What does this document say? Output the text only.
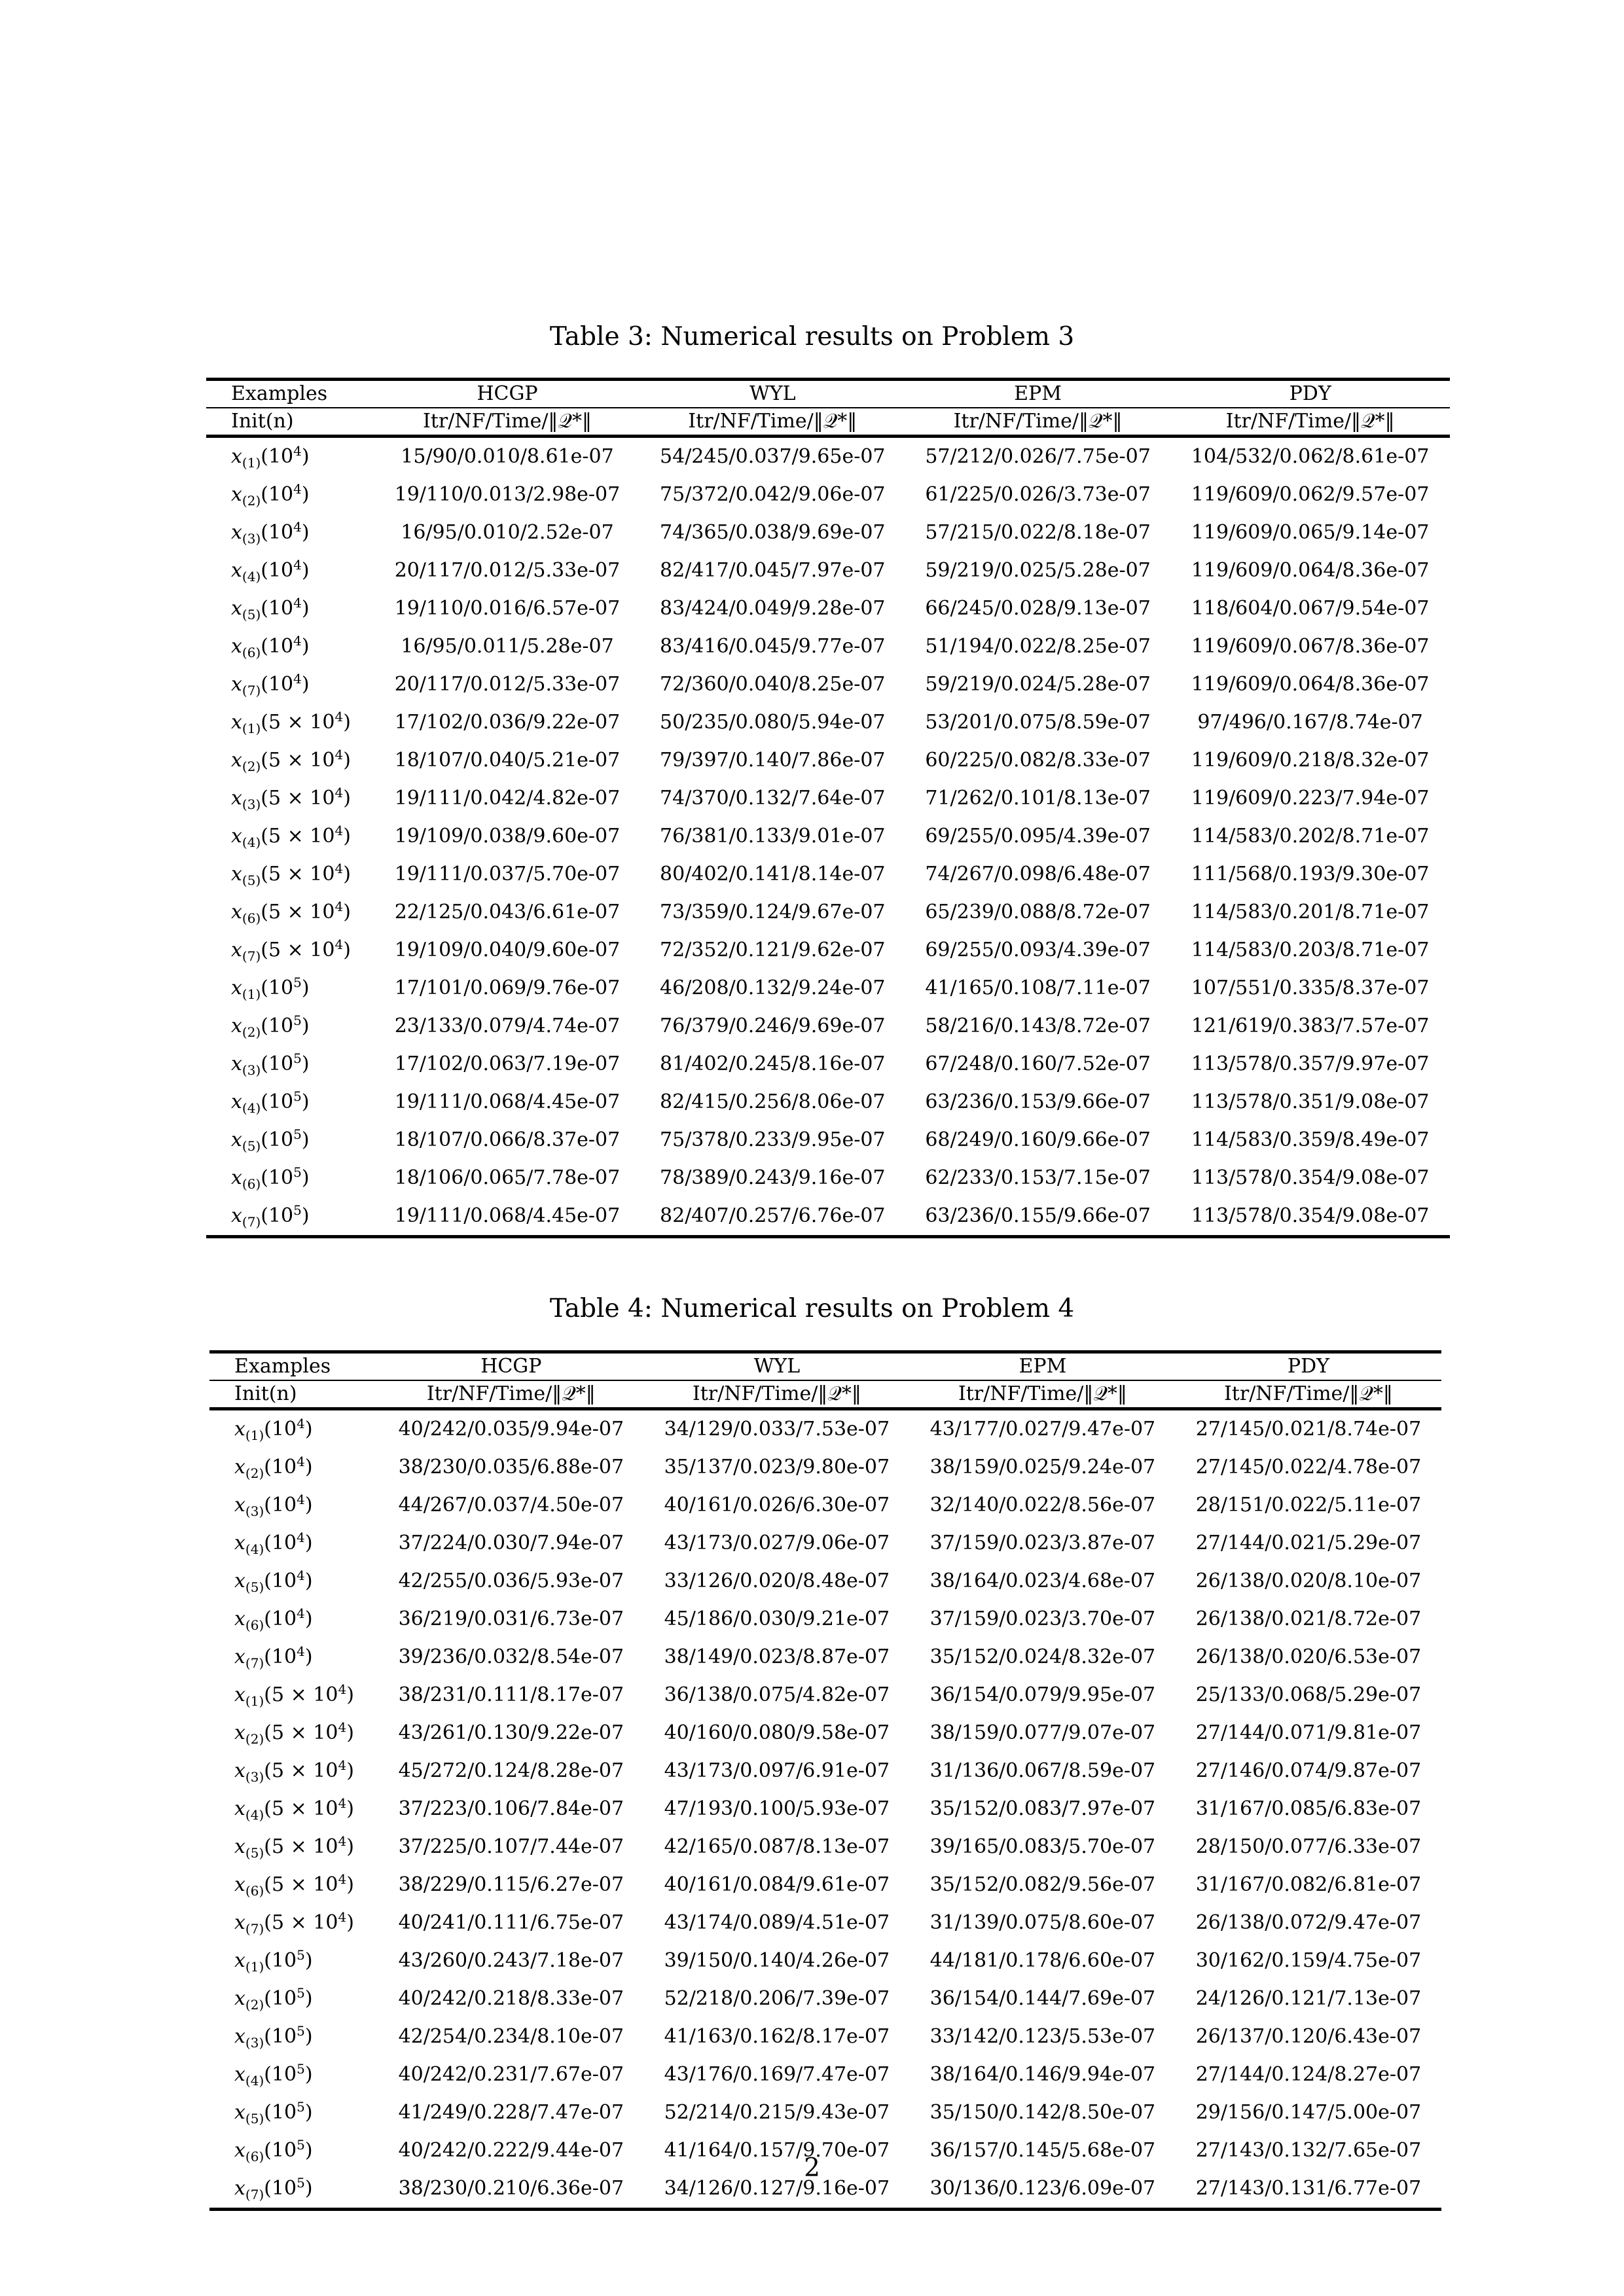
Table 3: Numerical results on Problem 3
Examples	HCGP	WYL	EPM	PDY
Init(n)	Itr/NF/Time/‖𝒬*‖	Itr/NF/Time/‖𝒬*‖	Itr/NF/Time/‖𝒬*‖	Itr/NF/Time/‖𝒬*‖
$x_{(1)}(10^4)$	15/90/0.010/8.61e-07	54/245/0.037/9.65e-07	57/212/0.026/7.75e-07	104/532/0.062/8.61e-07
$x_{(2)}(10^4)$	19/110/0.013/2.98e-07	75/372/0.042/9.06e-07	61/225/0.026/3.73e-07	119/609/0.062/9.57e-07
$x_{(3)}(10^4)$	16/95/0.010/2.52e-07	74/365/0.038/9.69e-07	57/215/0.022/8.18e-07	119/609/0.065/9.14e-07
$x_{(4)}(10^4)$	20/117/0.012/5.33e-07	82/417/0.045/7.97e-07	59/219/0.025/5.28e-07	119/609/0.064/8.36e-07
$x_{(5)}(10^4)$	19/110/0.016/6.57e-07	83/424/0.049/9.28e-07	66/245/0.028/9.13e-07	118/604/0.067/9.54e-07
$x_{(6)}(10^4)$	16/95/0.011/5.28e-07	83/416/0.045/9.77e-07	51/194/0.022/8.25e-07	119/609/0.067/8.36e-07
$x_{(7)}(10^4)$	20/117/0.012/5.33e-07	72/360/0.040/8.25e-07	59/219/0.024/5.28e-07	119/609/0.064/8.36e-07
$x_{(1)}(5 \times 10^4)$	17/102/0.036/9.22e-07	50/235/0.080/5.94e-07	53/201/0.075/8.59e-07	97/496/0.167/8.74e-07
$x_{(2)}(5 \times 10^4)$	18/107/0.040/5.21e-07	79/397/0.140/7.86e-07	60/225/0.082/8.33e-07	119/609/0.218/8.32e-07
$x_{(3)}(5 \times 10^4)$	19/111/0.042/4.82e-07	74/370/0.132/7.64e-07	71/262/0.101/8.13e-07	119/609/0.223/7.94e-07
$x_{(4)}(5 \times 10^4)$	19/109/0.038/9.60e-07	76/381/0.133/9.01e-07	69/255/0.095/4.39e-07	114/583/0.202/8.71e-07
$x_{(5)}(5 \times 10^4)$	19/111/0.037/5.70e-07	80/402/0.141/8.14e-07	74/267/0.098/6.48e-07	111/568/0.193/9.30e-07
$x_{(6)}(5 \times 10^4)$	22/125/0.043/6.61e-07	73/359/0.124/9.67e-07	65/239/0.088/8.72e-07	114/583/0.201/8.71e-07
$x_{(7)}(5 \times 10^4)$	19/109/0.040/9.60e-07	72/352/0.121/9.62e-07	69/255/0.093/4.39e-07	114/583/0.203/8.71e-07
$x_{(1)}(10^5)$	17/101/0.069/9.76e-07	46/208/0.132/9.24e-07	41/165/0.108/7.11e-07	107/551/0.335/8.37e-07
$x_{(2)}(10^5)$	23/133/0.079/4.74e-07	76/379/0.246/9.69e-07	58/216/0.143/8.72e-07	121/619/0.383/7.57e-07
$x_{(3)}(10^5)$	17/102/0.063/7.19e-07	81/402/0.245/8.16e-07	67/248/0.160/7.52e-07	113/578/0.357/9.97e-07
$x_{(4)}(10^5)$	19/111/0.068/4.45e-07	82/415/0.256/8.06e-07	63/236/0.153/9.66e-07	113/578/0.351/9.08e-07
$x_{(5)}(10^5)$	18/107/0.066/8.37e-07	75/378/0.233/9.95e-07	68/249/0.160/9.66e-07	114/583/0.359/8.49e-07
$x_{(6)}(10^5)$	18/106/0.065/7.78e-07	78/389/0.243/9.16e-07	62/233/0.153/7.15e-07	113/578/0.354/9.08e-07
$x_{(7)}(10^5)$	19/111/0.068/4.45e-07	82/407/0.257/6.76e-07	63/236/0.155/9.66e-07	113/578/0.354/9.08e-07
Table 4: Numerical results on Problem 4
Examples	HCGP	WYL	EPM	PDY
Init(n)	Itr/NF/Time/‖𝒬*‖	Itr/NF/Time/‖𝒬*‖	Itr/NF/Time/‖𝒬*‖	Itr/NF/Time/‖𝒬*‖
$x_{(1)}(10^4)$	40/242/0.035/9.94e-07	34/129/0.033/7.53e-07	43/177/0.027/9.47e-07	27/145/0.021/8.74e-07
$x_{(2)}(10^4)$	38/230/0.035/6.88e-07	35/137/0.023/9.80e-07	38/159/0.025/9.24e-07	27/145/0.022/4.78e-07
$x_{(3)}(10^4)$	44/267/0.037/4.50e-07	40/161/0.026/6.30e-07	32/140/0.022/8.56e-07	28/151/0.022/5.11e-07
$x_{(4)}(10^4)$	37/224/0.030/7.94e-07	43/173/0.027/9.06e-07	37/159/0.023/3.87e-07	27/144/0.021/5.29e-07
$x_{(5)}(10^4)$	42/255/0.036/5.93e-07	33/126/0.020/8.48e-07	38/164/0.023/4.68e-07	26/138/0.020/8.10e-07
$x_{(6)}(10^4)$	36/219/0.031/6.73e-07	45/186/0.030/9.21e-07	37/159/0.023/3.70e-07	26/138/0.021/8.72e-07
$x_{(7)}(10^4)$	39/236/0.032/8.54e-07	38/149/0.023/8.87e-07	35/152/0.024/8.32e-07	26/138/0.020/6.53e-07
$x_{(1)}(5 \times 10^4)$	38/231/0.111/8.17e-07	36/138/0.075/4.82e-07	36/154/0.079/9.95e-07	25/133/0.068/5.29e-07
$x_{(2)}(5 \times 10^4)$	43/261/0.130/9.22e-07	40/160/0.080/9.58e-07	38/159/0.077/9.07e-07	27/144/0.071/9.81e-07
$x_{(3)}(5 \times 10^4)$	45/272/0.124/8.28e-07	43/173/0.097/6.91e-07	31/136/0.067/8.59e-07	27/146/0.074/9.87e-07
$x_{(4)}(5 \times 10^4)$	37/223/0.106/7.84e-07	47/193/0.100/5.93e-07	35/152/0.083/7.97e-07	31/167/0.085/6.83e-07
$x_{(5)}(5 \times 10^4)$	37/225/0.107/7.44e-07	42/165/0.087/8.13e-07	39/165/0.083/5.70e-07	28/150/0.077/6.33e-07
$x_{(6)}(5 \times 10^4)$	38/229/0.115/6.27e-07	40/161/0.084/9.61e-07	35/152/0.082/9.56e-07	31/167/0.082/6.81e-07
$x_{(7)}(5 \times 10^4)$	40/241/0.111/6.75e-07	43/174/0.089/4.51e-07	31/139/0.075/8.60e-07	26/138/0.072/9.47e-07
$x_{(1)}(10^5)$	43/260/0.243/7.18e-07	39/150/0.140/4.26e-07	44/181/0.178/6.60e-07	30/162/0.159/4.75e-07
$x_{(2)}(10^5)$	40/242/0.218/8.33e-07	52/218/0.206/7.39e-07	36/154/0.144/7.69e-07	24/126/0.121/7.13e-07
$x_{(3)}(10^5)$	42/254/0.234/8.10e-07	41/163/0.162/8.17e-07	33/142/0.123/5.53e-07	26/137/0.120/6.43e-07
$x_{(4)}(10^5)$	40/242/0.231/7.67e-07	43/176/0.169/7.47e-07	38/164/0.146/9.94e-07	27/144/0.124/8.27e-07
$x_{(5)}(10^5)$	41/249/0.228/7.47e-07	52/214/0.215/9.43e-07	35/150/0.142/8.50e-07	29/156/0.147/5.00e-07
$x_{(6)}(10^5)$	40/242/0.222/9.44e-07	41/164/0.157/9.70e-07	36/157/0.145/5.68e-07	27/143/0.132/7.65e-07
$x_{(7)}(10^5)$	38/230/0.210/6.36e-07	34/126/0.127/9.16e-07	30/136/0.123/6.09e-07	27/143/0.131/6.77e-07
2
